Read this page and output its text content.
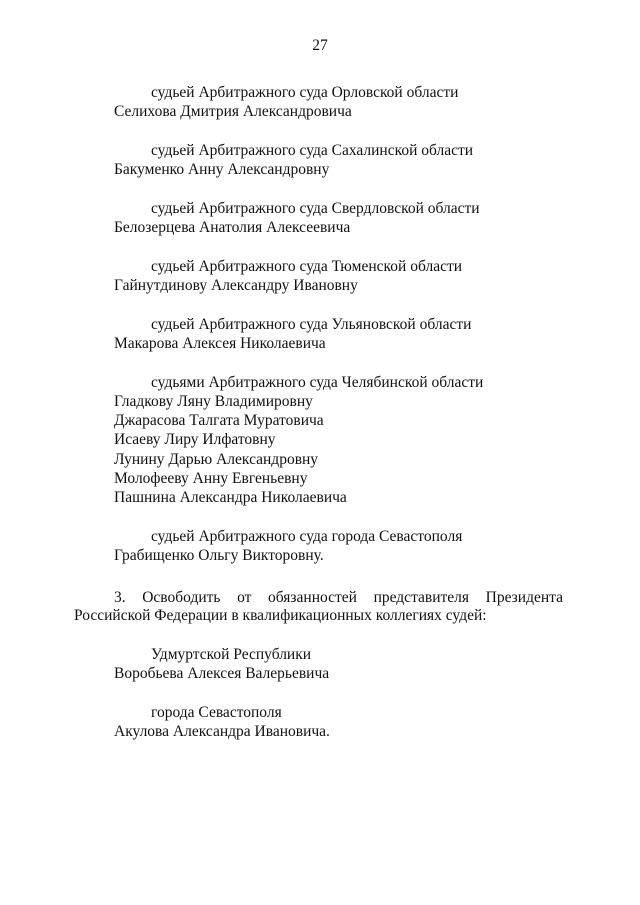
27
судьей Арбитражного суда Орловской области
Селихова Дмитрия Александровича
судьей Арбитражного суда Сахалинской области
Бакуменко Анну Александровну
судьей Арбитражного суда Свердловской области
Белозерцева Анатолия Алексеевича
судьей Арбитражного суда Тюменской области
Гайнутдинову Александру Ивановну
судьей Арбитражного суда Ульяновской области
Макарова Алексея Николаевича
судьями Арбитражного суда Челябинской области
Гладкову Ляну Владимировну
Джарасова Талгата Муратовича
Исаеву Лиру Илфатовну
Лунину Дарью Александровну
Молофееву Анну Евгеньевну
Пашнина Александра Николаевича
судьей Арбитражного суда города Севастополя
Грабищенко Ольгу Викторовну.
3. Освободить от обязанностей представителя Президента
Российской Федерации в квалификационных коллегиях судей:
Удмуртской Республики
Воробьева Алексея Валерьевича
города Севастополя
Акулова Александра Ивановича.
